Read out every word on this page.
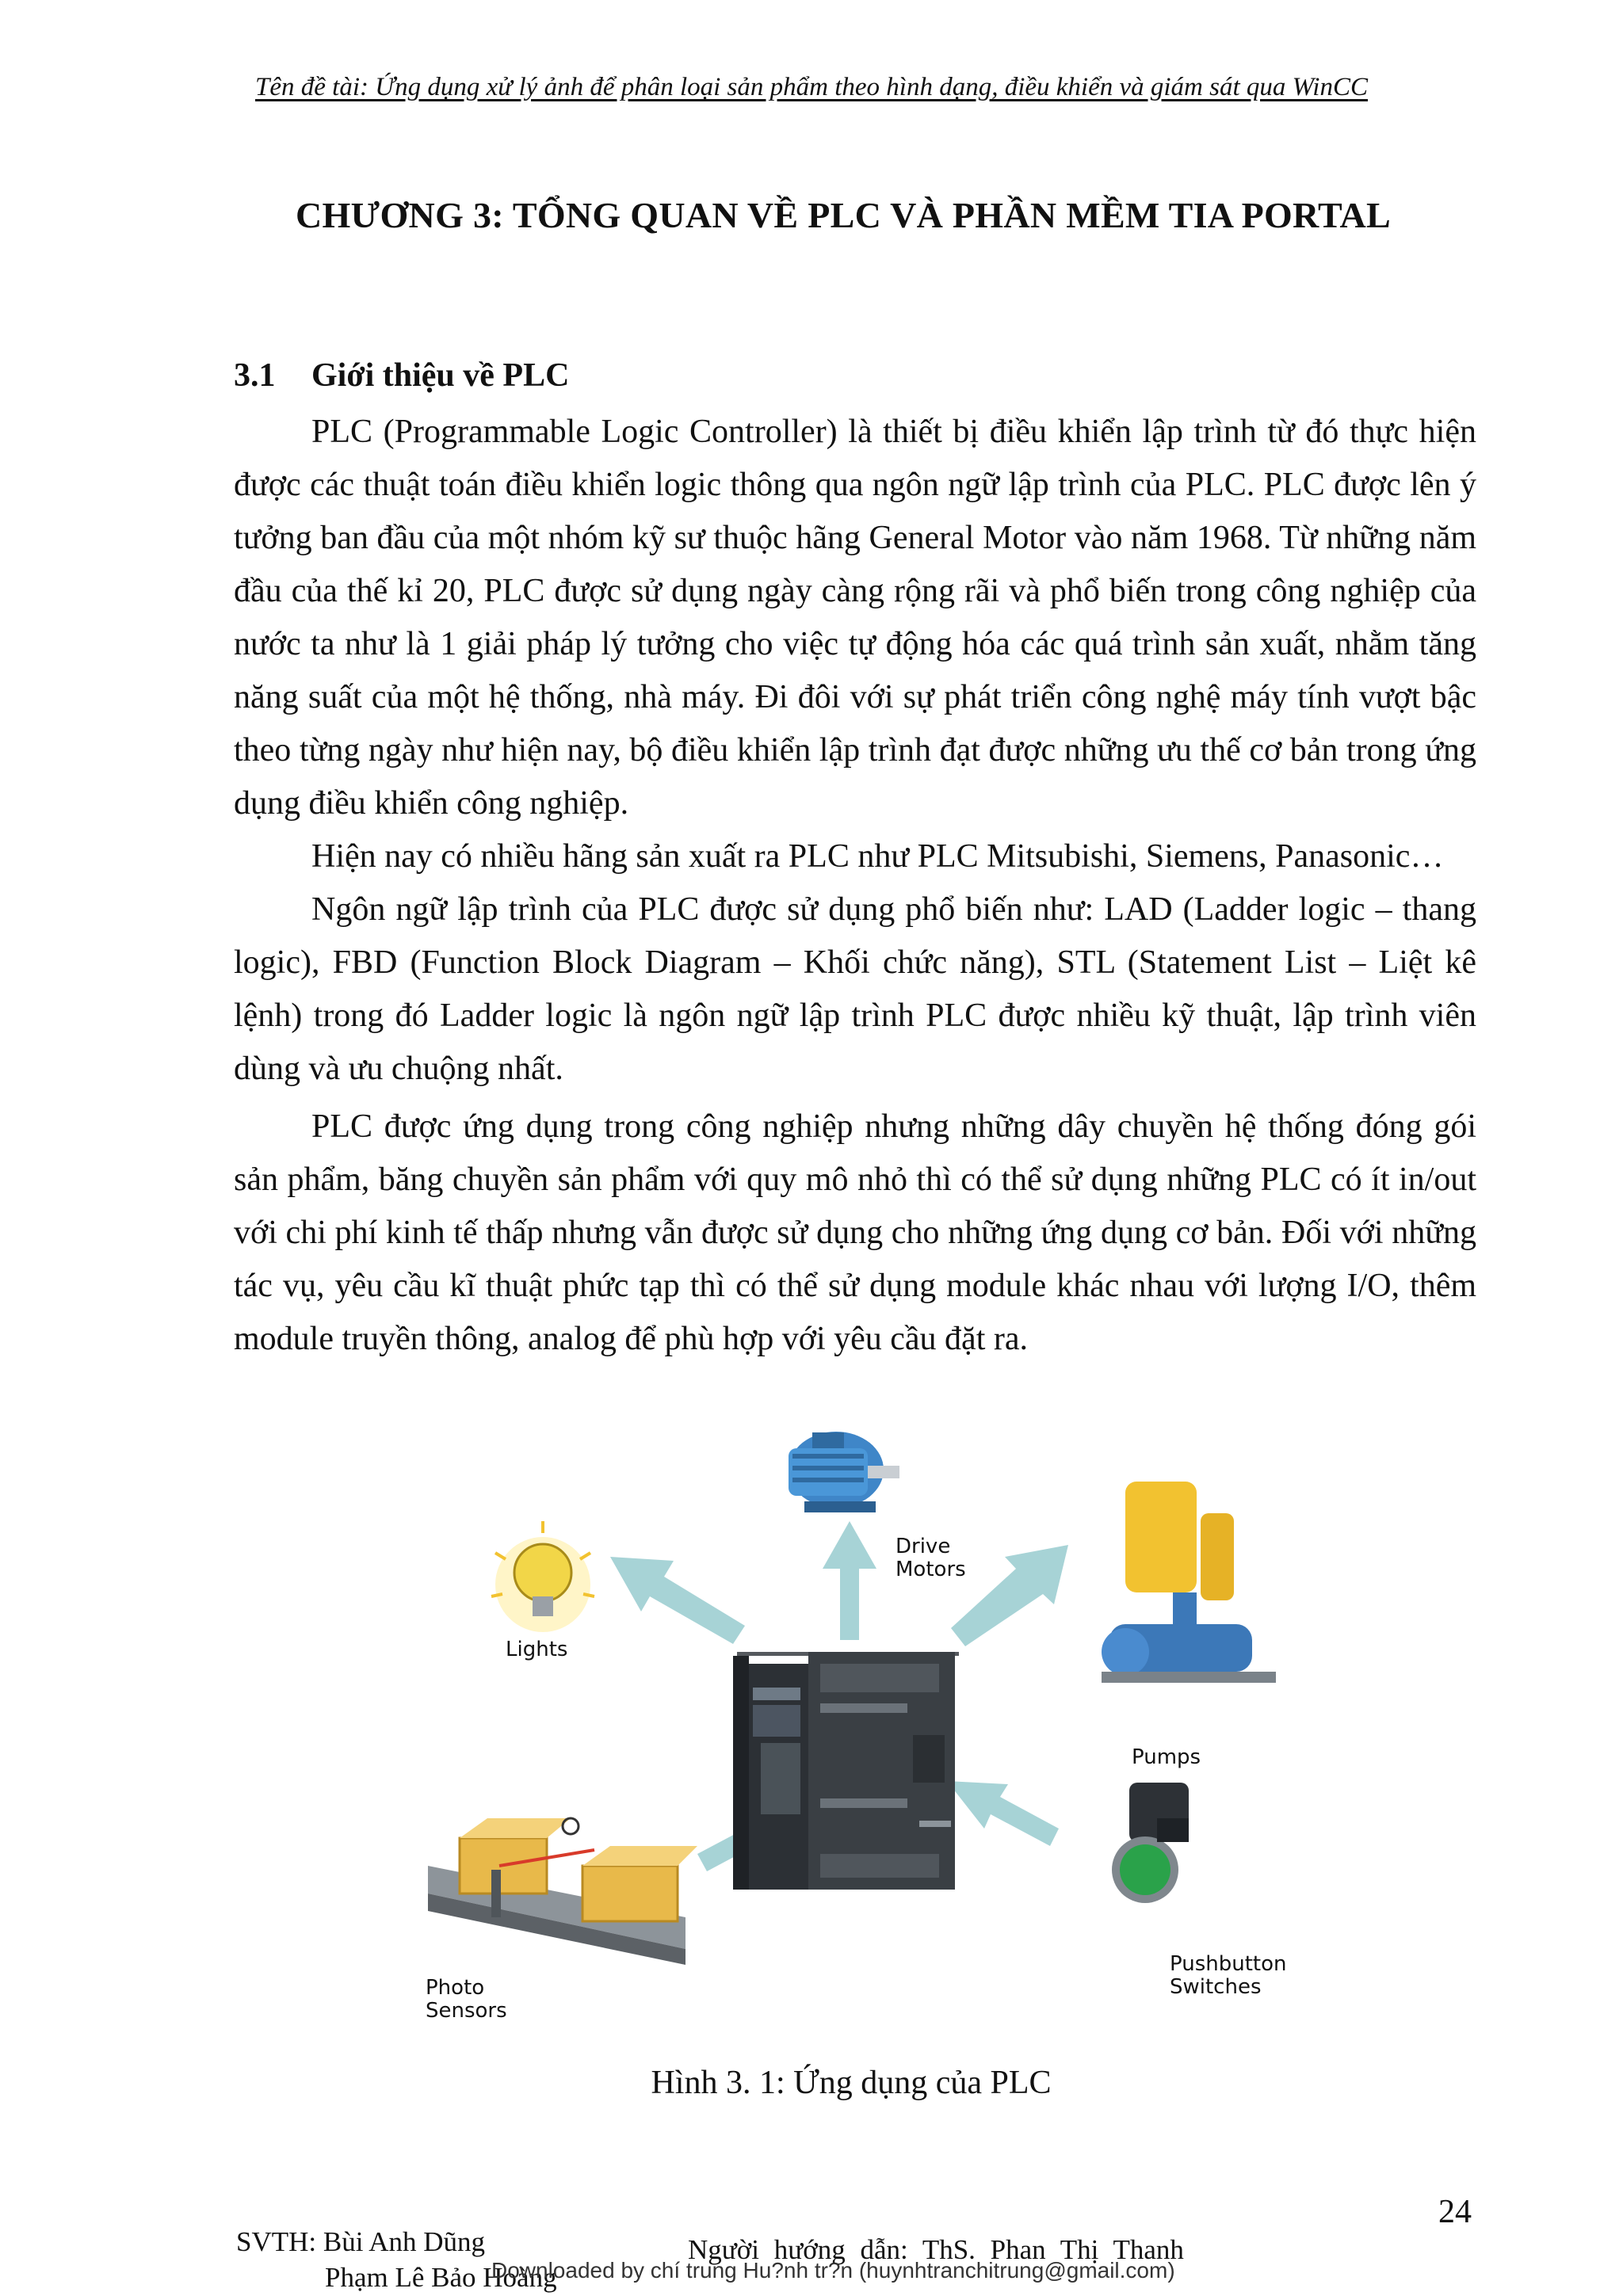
Tên đề tài: Ứng dụng xử lý ảnh để phân loại sản phẩm theo hình dạng, điều khiển và giám sát qua WinCC
CHƯƠNG 3: TỔNG QUAN VỀ PLC VÀ PHẦN MỀM TIA PORTAL
3.1 Giới thiệu về PLC

PLC (Programmable Logic Controller) là thiết bị điều khiển lập trình từ đó thực hiện được các thuật toán điều khiển logic thông qua ngôn ngữ lập trình của PLC. PLC được lên ý tưởng ban đầu của một nhóm kỹ sư thuộc hãng General Motor vào năm 1968. Từ những năm đầu của thế kỉ 20, PLC được sử dụng ngày càng rộng rãi và phổ biến trong công nghiệp của nước ta như là 1 giải pháp lý tưởng cho việc tự động hóa các quá trình sản xuất, nhằm tăng năng suất của một hệ thống, nhà máy. Đi đôi với sự phát triển công nghệ máy tính vượt bậc theo từng ngày như hiện nay, bộ điều khiển lập trình đạt được những ưu thế cơ bản trong ứng dụng điều khiển công nghiệp.

Hiện nay có nhiều hãng sản xuất ra PLC như PLC Mitsubishi, Siemens, Panasonic…

Ngôn ngữ lập trình của PLC được sử dụng phổ biến như: LAD (Ladder logic – thang logic), FBD (Function Block Diagram – Khối chức năng), STL (Statement List – Liệt kê lệnh) trong đó Ladder logic là ngôn ngữ lập trình PLC được nhiều kỹ thuật, lập trình viên dùng và ưu chuộng nhất.

PLC được ứng dụng trong công nghiệp nhưng những dây chuyền hệ thống đóng gói sản phẩm, băng chuyền sản phẩm với quy mô nhỏ thì có thể sử dụng những PLC có ít in/out với chi phí kinh tế thấp nhưng vẫn được sử dụng cho những ứng dụng cơ bản. Đối với những tác vụ, yêu cầu kĩ thuật phức tạp thì có thể sử dụng module khác nhau với lượng I/O, thêm module truyền thông, analog để phù hợp với yêu cầu đặt ra.

Drive
Motors
Lights
Pumps
Photo
Sensors
Pushbutton
Switches
Hình 3. 1: Ứng dụng của PLC
24
SVTH: Bùi Anh Dũng
Phạm Lê Bảo Hoàng
Người hướng dẫn: ThS. Phan Thị Thanh
Downloaded by chí trung Hu?nh tr?n (huynhtranchitrung@gmail.com)
